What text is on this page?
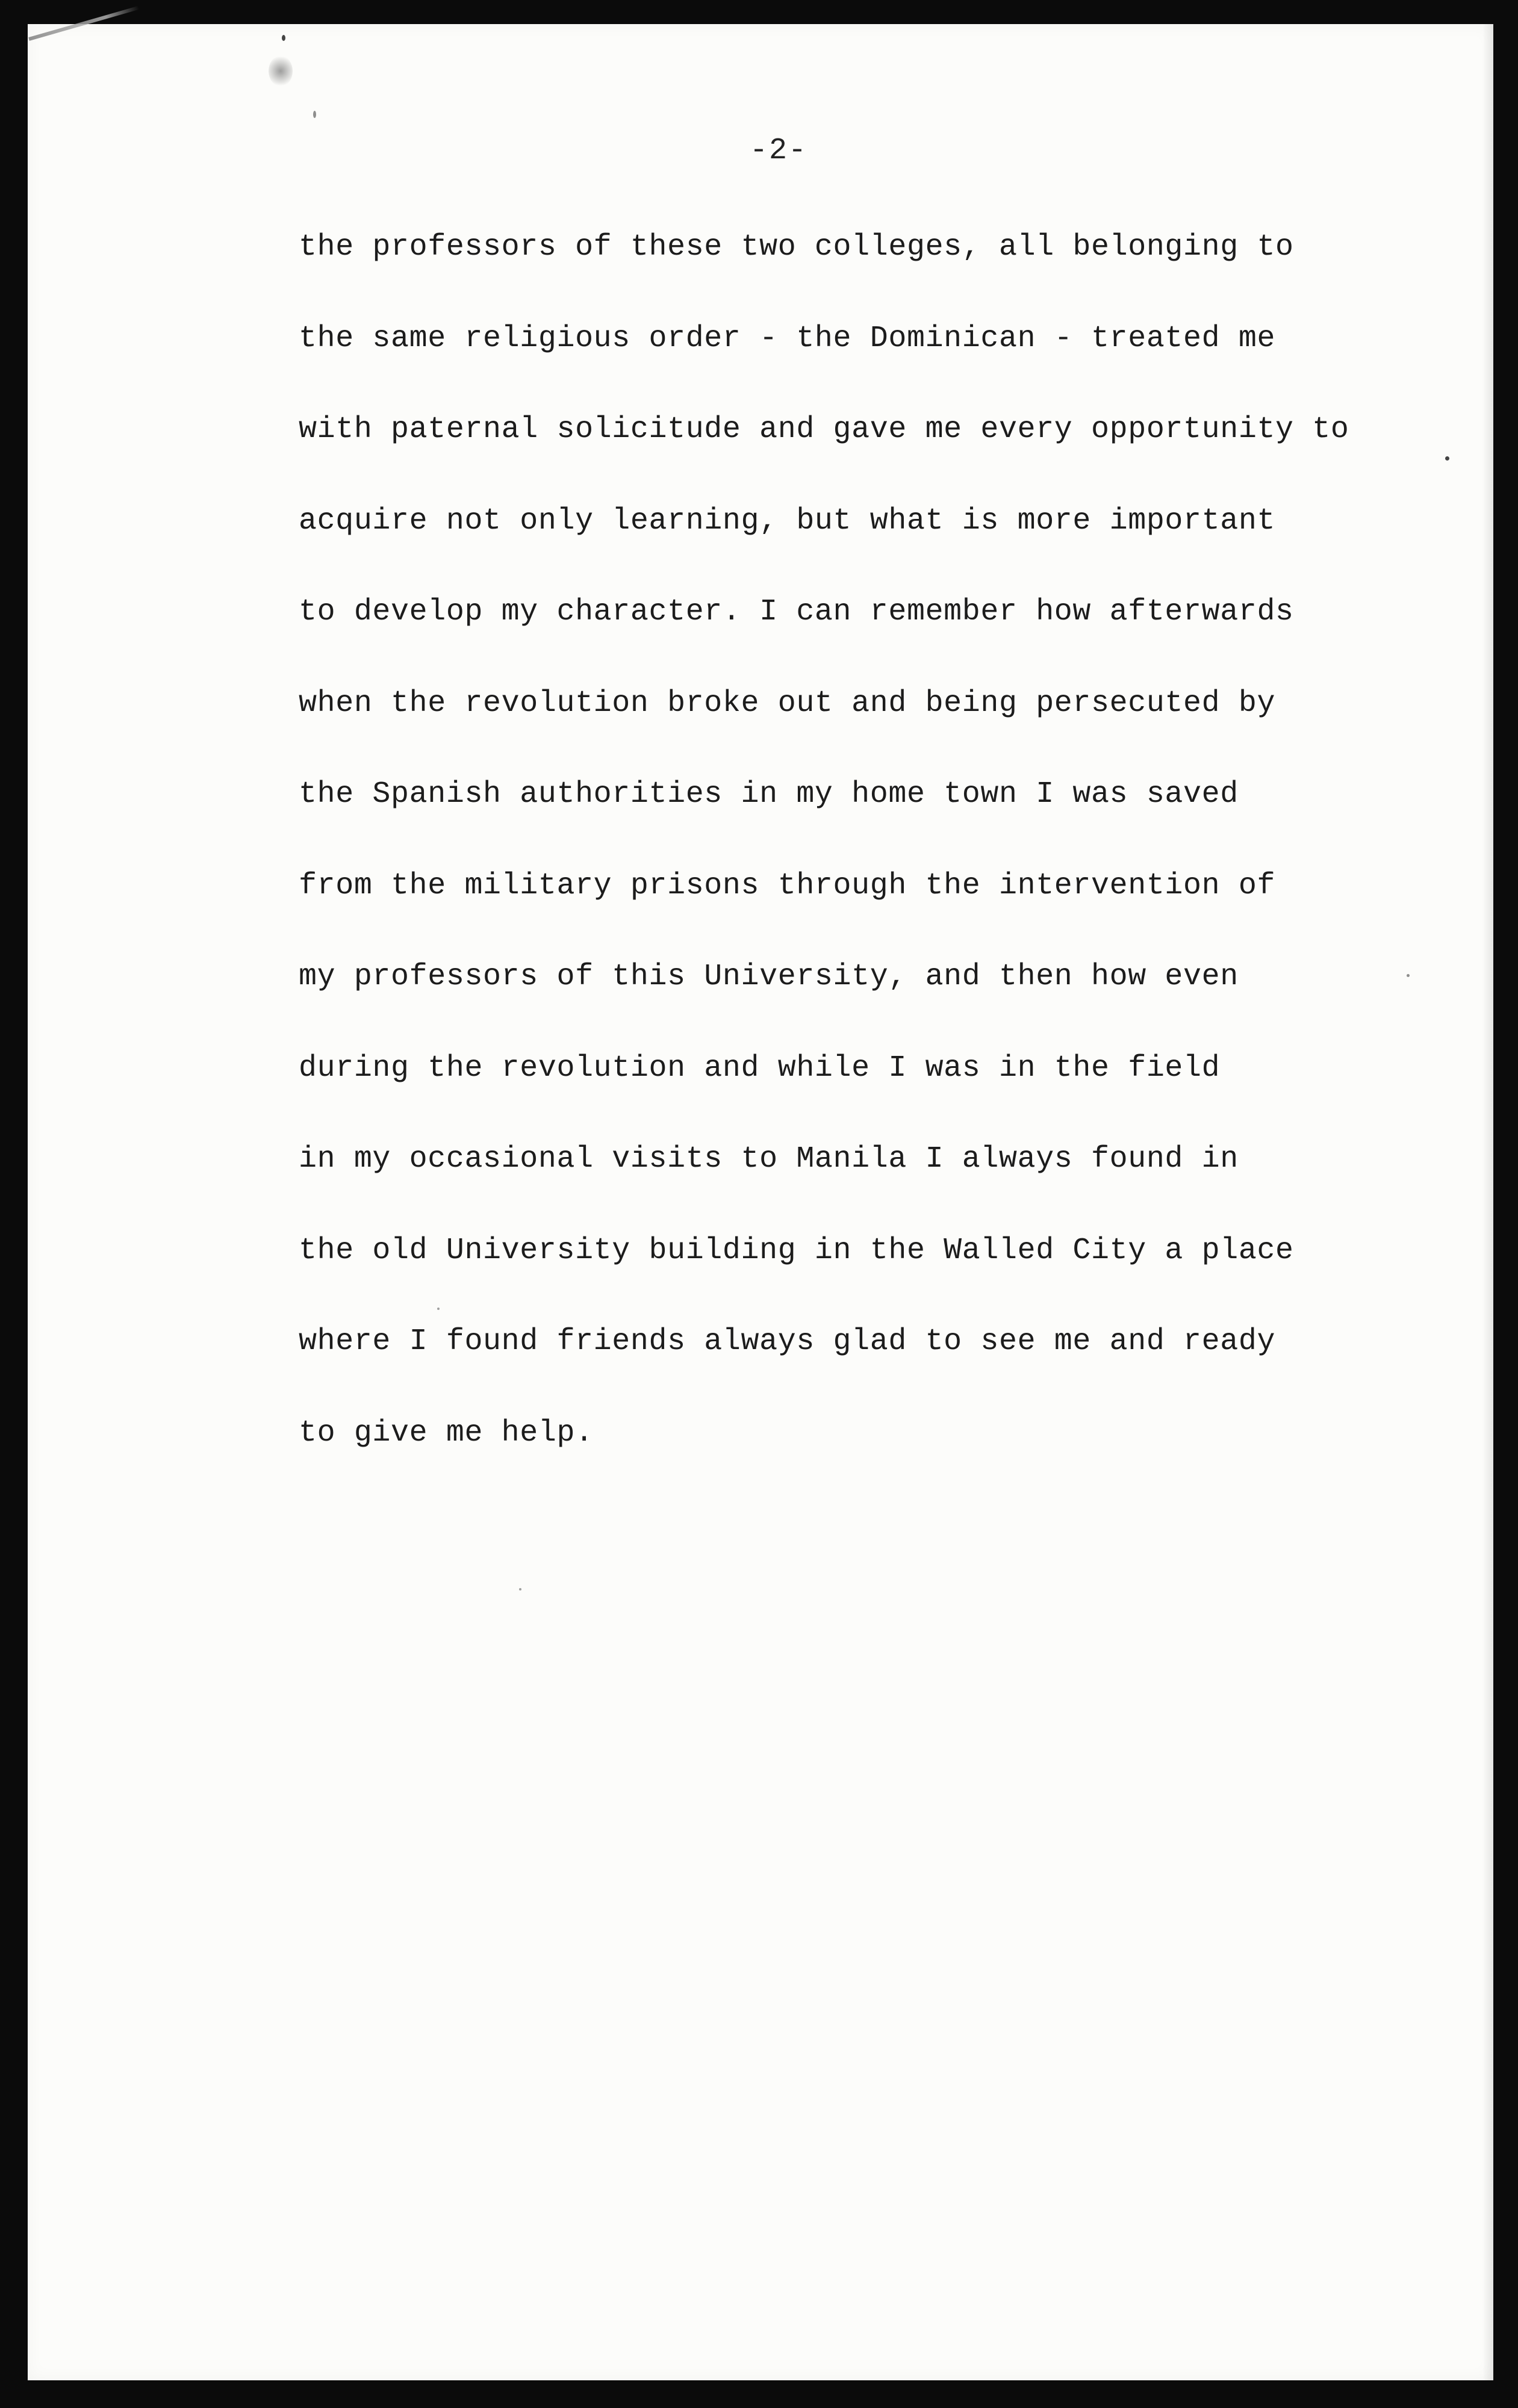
-2-
the professors of these two colleges, all belonging to
the same religious order - the Dominican - treated me
with paternal solicitude and gave me every opportunity to
acquire not only learning, but what is more important
to develop my character. I can remember how afterwards
when the revolution broke out and being persecuted by
the Spanish authorities in my home town I was saved
from the military prisons through the intervention of
my professors of this University, and then how even
during the revolution and while I was in the field
in my occasional visits to Manila I always found in
the old University building in the Walled City a place
where I found friends always glad to see me and ready
to give me help.
